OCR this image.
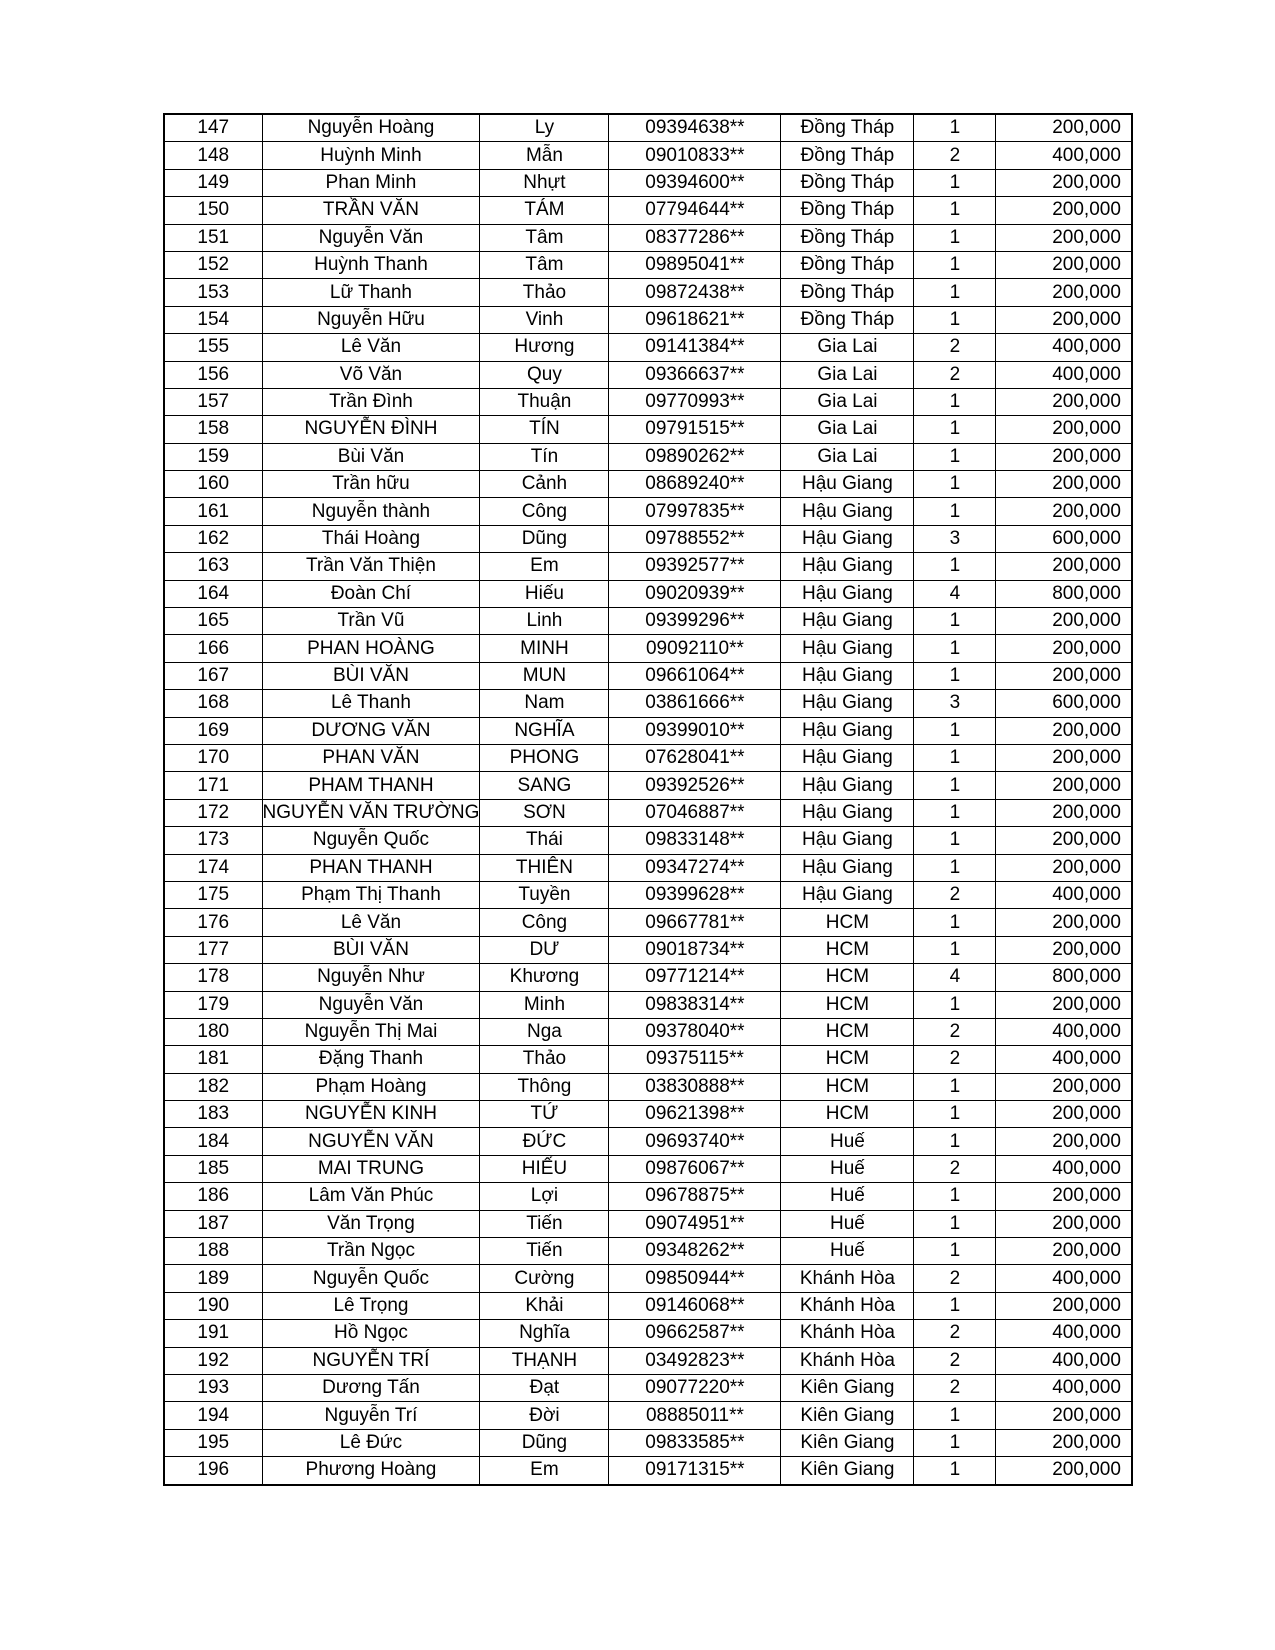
147	Nguyễn Hoàng	Ly	09394638**	Đồng Tháp	1	200,000
148	Huỳnh Minh	Mẫn	09010833**	Đồng Tháp	2	400,000
149	Phan Minh	Nhựt	09394600**	Đồng Tháp	1	200,000
150	TRẦN VĂN	TÁM	07794644**	Đồng Tháp	1	200,000
151	Nguyễn Văn	Tâm	08377286**	Đồng Tháp	1	200,000
152	Huỳnh Thanh	Tâm	09895041**	Đồng Tháp	1	200,000
153	Lữ Thanh	Thảo	09872438**	Đồng Tháp	1	200,000
154	Nguyễn Hữu	Vinh	09618621**	Đồng Tháp	1	200,000
155	Lê Văn	Hương	09141384**	Gia Lai	2	400,000
156	Võ Văn	Quy	09366637**	Gia Lai	2	400,000
157	Trần Đình	Thuận	09770993**	Gia Lai	1	200,000
158	NGUYỄN ĐÌNH	TÍN	09791515**	Gia Lai	1	200,000
159	Bùi Văn	Tín	09890262**	Gia Lai	1	200,000
160	Trần hữu	Cảnh	08689240**	Hậu Giang	1	200,000
161	Nguyễn thành	Công	07997835**	Hậu Giang	1	200,000
162	Thái Hoàng	Dũng	09788552**	Hậu Giang	3	600,000
163	Trần Văn Thiện	Em	09392577**	Hậu Giang	1	200,000
164	Đoàn Chí	Hiếu	09020939**	Hậu Giang	4	800,000
165	Trần Vũ	Linh	09399296**	Hậu Giang	1	200,000
166	PHAN HOÀNG	MINH	09092110**	Hậu Giang	1	200,000
167	BÙI VĂN	MUN	09661064**	Hậu Giang	1	200,000
168	Lê Thanh	Nam	03861666**	Hậu Giang	3	600,000
169	DƯƠNG VĂN	NGHĨA	09399010**	Hậu Giang	1	200,000
170	PHAN VĂN	PHONG	07628041**	Hậu Giang	1	200,000
171	PHAM THANH	SANG	09392526**	Hậu Giang	1	200,000
172	NGUYỄN VĂN TRƯỜNG	SƠN	07046887**	Hậu Giang	1	200,000
173	Nguyễn Quốc	Thái	09833148**	Hậu Giang	1	200,000
174	PHAN THANH	THIÊN	09347274**	Hậu Giang	1	200,000
175	Phạm Thị Thanh	Tuyền	09399628**	Hậu Giang	2	400,000
176	Lê Văn	Công	09667781**	HCM	1	200,000
177	BÙI VĂN	DƯ	09018734**	HCM	1	200,000
178	Nguyễn Như	Khương	09771214**	HCM	4	800,000
179	Nguyễn Văn	Minh	09838314**	HCM	1	200,000
180	Nguyễn Thị Mai	Nga	09378040**	HCM	2	400,000
181	Đặng Thanh	Thảo	09375115**	HCM	2	400,000
182	Phạm Hoàng	Thông	03830888**	HCM	1	200,000
183	NGUYỄN KINH	TỨ	09621398**	HCM	1	200,000
184	NGUYỄN VĂN	ĐỨC	09693740**	Huế	1	200,000
185	MAI TRUNG	HIẾU	09876067**	Huế	2	400,000
186	Lâm Văn Phúc	Lợi	09678875**	Huế	1	200,000
187	Văn Trọng	Tiến	09074951**	Huế	1	200,000
188	Trần Ngọc	Tiến	09348262**	Huế	1	200,000
189	Nguyễn Quốc	Cường	09850944**	Khánh Hòa	2	400,000
190	Lê Trọng	Khải	09146068**	Khánh Hòa	1	200,000
191	Hồ Ngọc	Nghĩa	09662587**	Khánh Hòa	2	400,000
192	NGUYỄN TRÍ	THẠNH	03492823**	Khánh Hòa	2	400,000
193	Dương Tấn	Đạt	09077220**	Kiên Giang	2	400,000
194	Nguyễn Trí	Đời	08885011**	Kiên Giang	1	200,000
195	Lê Đức	Dũng	09833585**	Kiên Giang	1	200,000
196	Phương Hoàng	Em	09171315**	Kiên Giang	1	200,000
